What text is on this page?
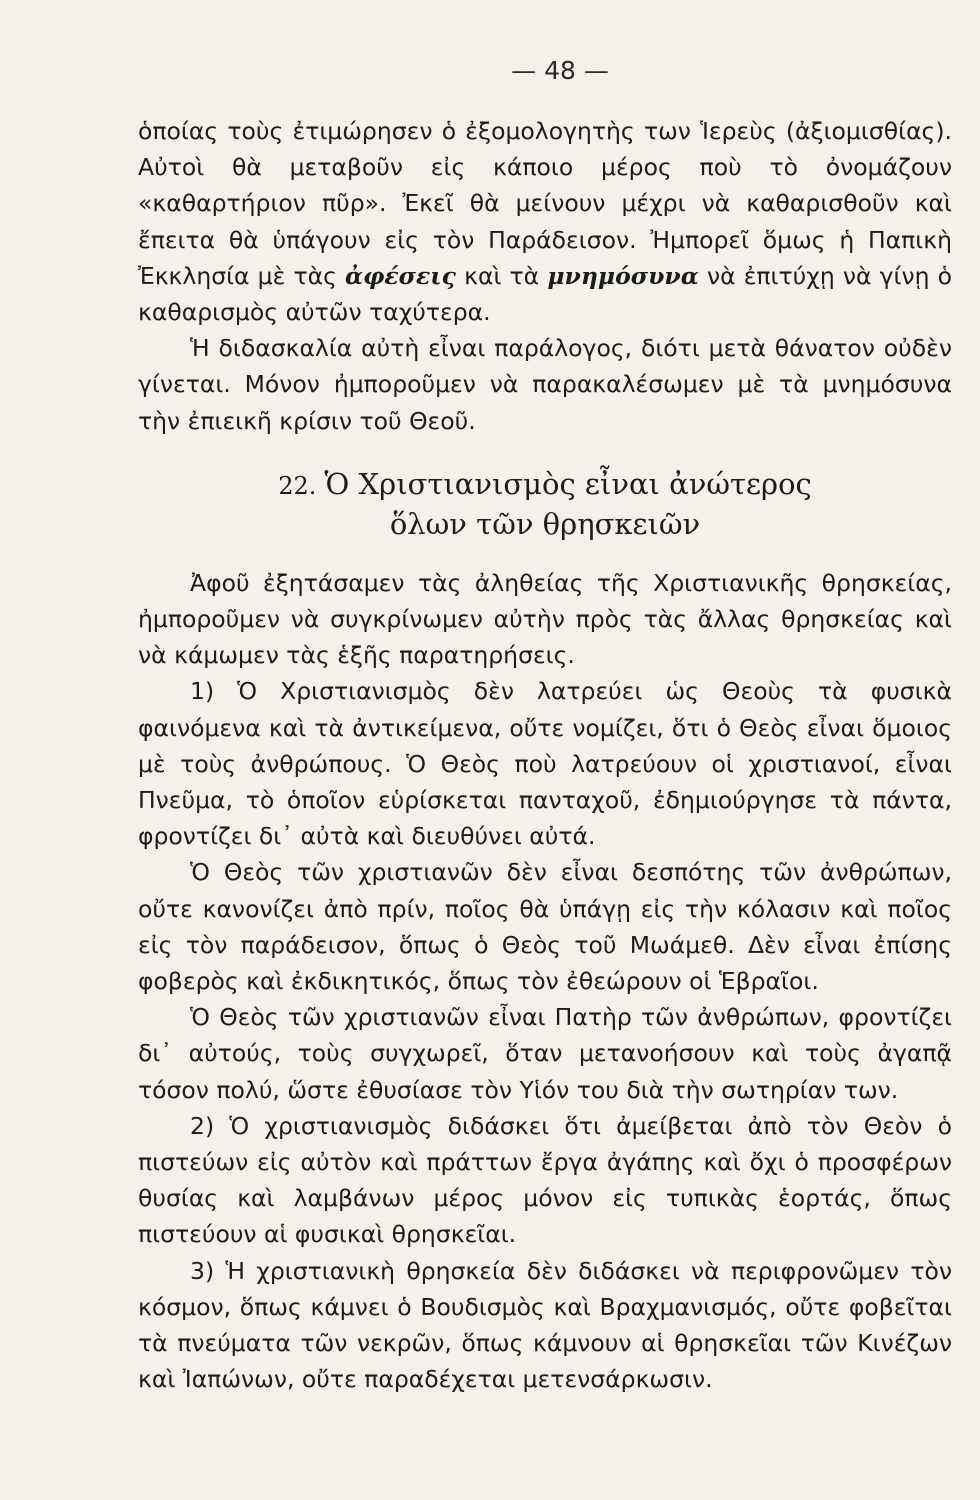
— 48 —

ὁποίας τοὺς ἐτιμώρησεν ὁ ἐξομολογητὴς των Ἱερεὺς (ἀξιομισθίας). Αὐτοὶ θὰ μεταβοῦν εἰς κάποιο μέρος ποὺ τὸ ὀνομάζουν «καθαρτήριον πῦρ». Ἐκεῖ θὰ μείνουν μέχρι νὰ καθαρισθοῦν καὶ ἔπειτα θὰ ὑπάγουν εἰς τὸν Παράδεισον. Ἠμπορεῖ ὅμως ἡ Παπικὴ Ἐκκλησία μὲ τὰς ἀφέσεις καὶ τὰ μνημόσυνα νὰ ἐπιτύχῃ νὰ γίνῃ ὁ καθαρισμὸς αὐτῶν ταχύτερα.

Ἡ διδασκαλία αὐτὴ εἶναι παράλογος, διότι μετὰ θάνατον οὐδὲν γίνεται. Μόνον ἠμποροῦμεν νὰ παρακαλέσωμεν μὲ τὰ μνημόσυνα τὴν ἐπιεικῆ κρίσιν τοῦ Θεοῦ.

22. Ὁ Χριστιανισμὸς εἶναι ἀνώτερος
ὅλων τῶν θρησκειῶν

Ἀφοῦ ἐξητάσαμεν τὰς ἀληθείας τῆς Χριστιανικῆς θρησκείας, ἠμποροῦμεν νὰ συγκρίνωμεν αὐτὴν πρὸς τὰς ἄλλας θρησκείας καὶ νὰ κάμωμεν τὰς ἑξῆς παρατηρήσεις.

1) Ὁ Χριστιανισμὸς δὲν λατρεύει ὡς Θεοὺς τὰ φυσικὰ φαινόμενα καὶ τὰ ἀντικείμενα, οὔτε νομίζει, ὅτι ὁ Θεὸς εἶναι ὅμοιος μὲ τοὺς ἀνθρώπους. Ὁ Θεὸς ποὺ λατρεύουν οἱ χριστιανοί, εἶναι Πνεῦμα, τὸ ὁποῖον εὑρίσκεται πανταχοῦ, ἐδημιούργησε τὰ πάντα, φροντίζει δι᾿ αὐτὰ καὶ διευθύνει αὐτά.

Ὁ Θεὸς τῶν χριστιανῶν δὲν εἶναι δεσπότης τῶν ἀνθρώπων, οὔτε κανονίζει ἀπὸ πρίν, ποῖος θὰ ὑπάγῃ εἰς τὴν κόλασιν καὶ ποῖος εἰς τὸν παράδεισον, ὅπως ὁ Θεὸς τοῦ Μωάμεθ. Δὲν εἶναι ἐπίσης φοβερὸς καὶ ἐκδικητικός, ὅπως τὸν ἐθεώρουν οἱ Ἑβραῖοι.

Ὁ Θεὸς τῶν χριστιανῶν εἶναι Πατὴρ τῶν ἀνθρώπων, φροντίζει δι᾿ αὐτούς, τοὺς συγχωρεῖ, ὅταν μετανοήσουν καὶ τοὺς ἀγαπᾷ τόσον πολύ, ὥστε ἐθυσίασε τὸν Υἱόν του διὰ τὴν σωτηρίαν των.

2) Ὁ χριστιανισμὸς διδάσκει ὅτι ἀμείβεται ἀπὸ τὸν Θεὸν ὁ πιστεύων εἰς αὐτὸν καὶ πράττων ἔργα ἀγάπης καὶ ὄχι ὁ προσφέρων θυσίας καὶ λαμβάνων μέρος μόνον εἰς τυπικὰς ἑορτάς, ὅπως πιστεύουν αἱ φυσικαὶ θρησκεῖαι.

3) Ἡ χριστιανικὴ θρησκεία δὲν διδάσκει νὰ περιφρονῶμεν τὸν κόσμον, ὅπως κάμνει ὁ Βουδισμὸς καὶ Βραχμανισμός, οὔτε φοβεῖται τὰ πνεύματα τῶν νεκρῶν, ὅπως κάμνουν αἱ θρησκεῖαι τῶν Κινέζων καὶ Ἰαπώνων, οὔτε παραδέχεται μετενσάρκωσιν.
